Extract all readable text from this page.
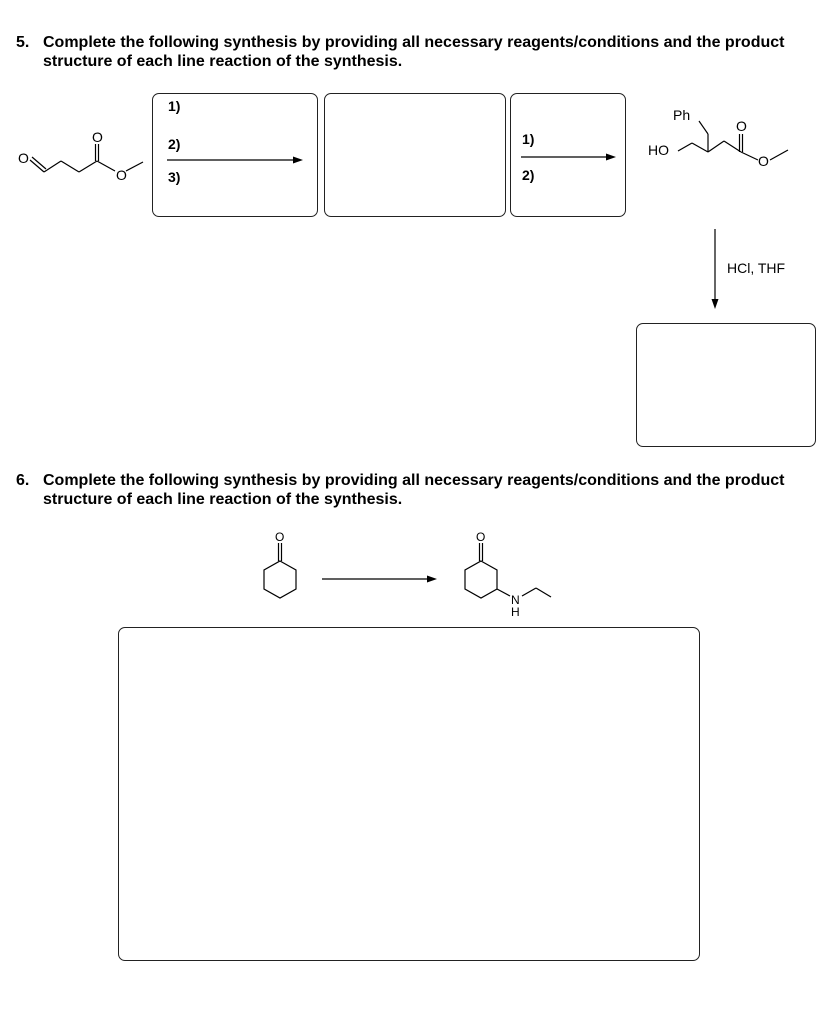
5. Complete the following synthesis by providing all necessary reagents/conditions and the product structure of each line reaction of the synthesis.
1)
2)
3)
1)
2)
HCl, THF
O
O
O
Ph
HO
O
O
6. Complete the following synthesis by providing all necessary reagents/conditions and the product structure of each line reaction of the synthesis.
O	O
N
H
